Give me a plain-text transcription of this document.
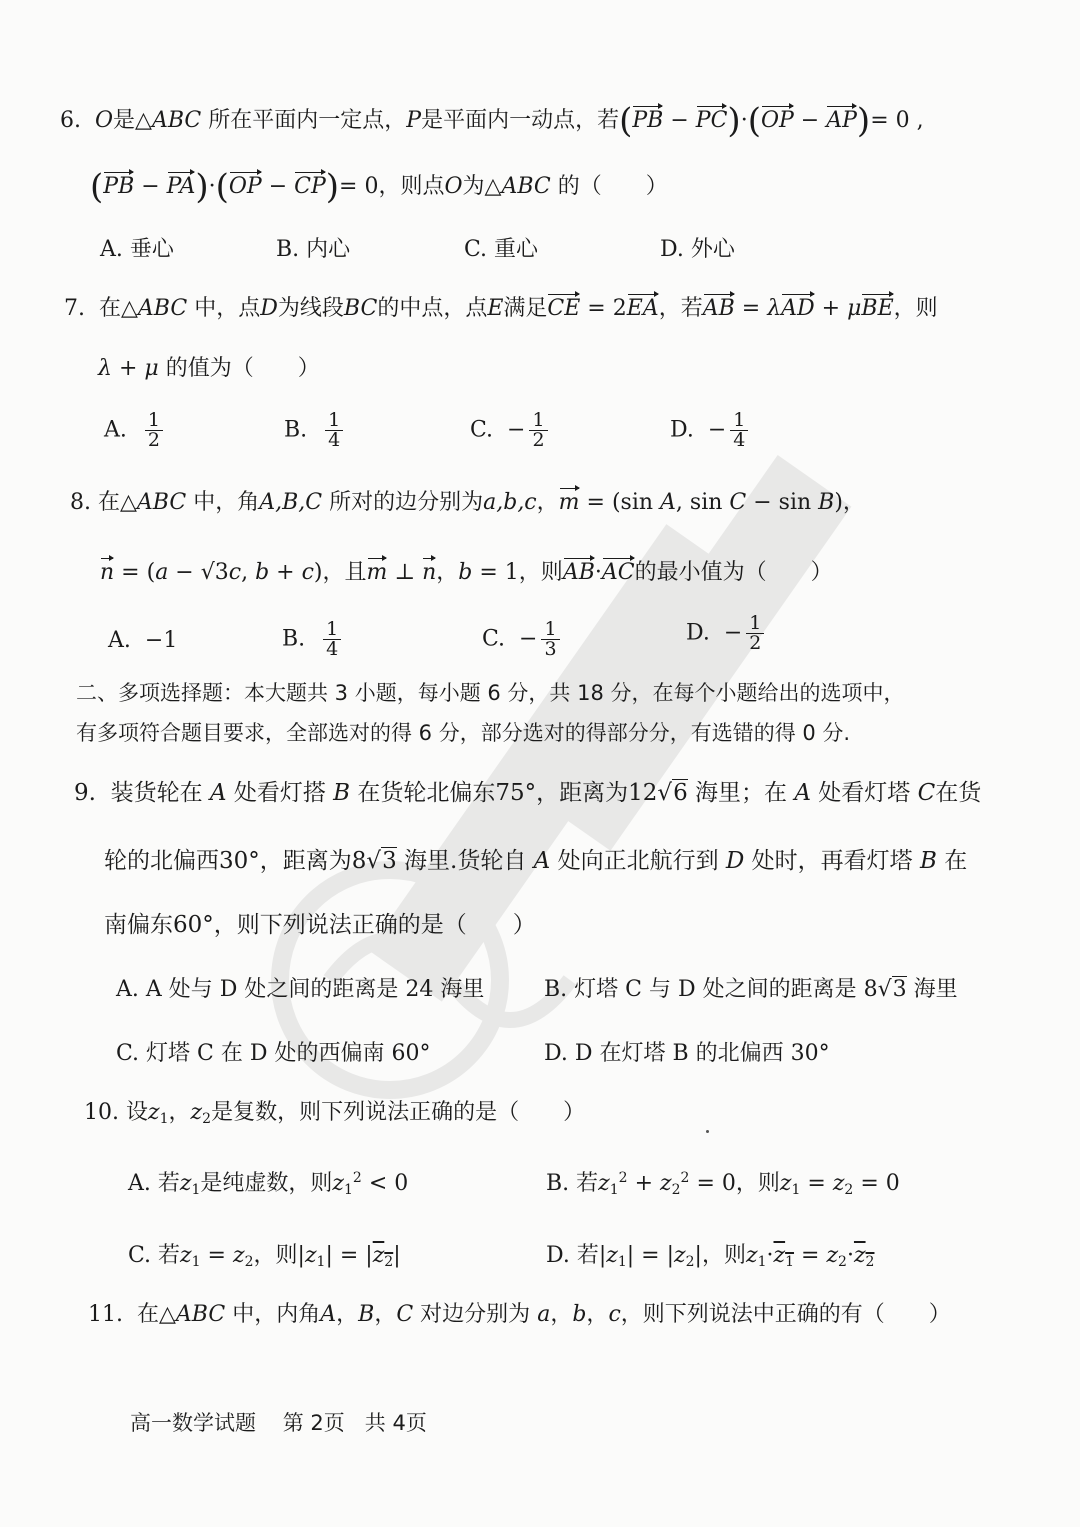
6. O是△ABC 所在平面内一定点，P是平面内一动点，若(PB − PC)·(OP − AP)= 0 ,
(PB − PA)·(OP − CP)= 0，则点O为△ABC 的（　　）
A. 垂心	B. 内心	C. 重心	D. 外心
7. 在△ABC 中，点D为线段BC的中点，点E满足CE = 2EA，若AB = λAD + μBE，则
λ + μ 的值为（　　）
A. $\frac{1}{2}$	B. $\frac{1}{4}$	C. − $\frac{1}{2}$	D. − $\frac{1}{4}$
8. 在△ABC 中，角A,B,C 所对的边分别为a,b,c，m = (sin A, sin C − sin B)，
n = (a − √3c, b + c)，且m ⊥ n，b = 1，则AB·AC的最小值为（　　）
A. −1	B. $\frac{1}{4}$	C. − $\frac{1}{3}$	D. − $\frac{1}{2}$
二、多项选择题：本大题共 3 小题，每小题 6 分，共 18 分，在每个小题给出的选项中，
有多项符合题目要求，全部选对的得 6 分，部分选对的得部分分，有选错的得 0 分.
9. 装货轮在 A 处看灯搭 B 在货轮北偏东75°，距离为12√6 海里；在 A 处看灯塔 C在货
轮的北偏西30°，距离为8√3 海里.货轮自 A 处向正北航行到 D 处时，再看灯塔 B 在
南偏东60°，则下列说法正确的是（　　）
A. A 处与 D 处之间的距离是 24 海里	B. 灯塔 C 与 D 处之间的距离是 8√3 海里
C. 灯塔 C 在 D 处的西偏南 60°	D. D 在灯塔 B 的北偏西 30°
10. 设$z_1$，$z_2$是复数，则下列说法正确的是（　　）
A. 若$z_1$是纯虚数，则$z_1^2 < 0$	B. 若$z_1^2 + z_2^2 = 0$，则$z_1 = z_2 = 0$
C. 若$z_1 = z_2$，则$|z_1| = |z_2|$	D. 若$|z_1| = |z_2|$，则$z_1\cdot z_1 = z_2\cdot z_2$
11. 在△ABC 中，内角A，B，C 对边分别为 a，b，c，则下列说法中正确的有（　　）
高一数学试题 第 2页 共 4页
